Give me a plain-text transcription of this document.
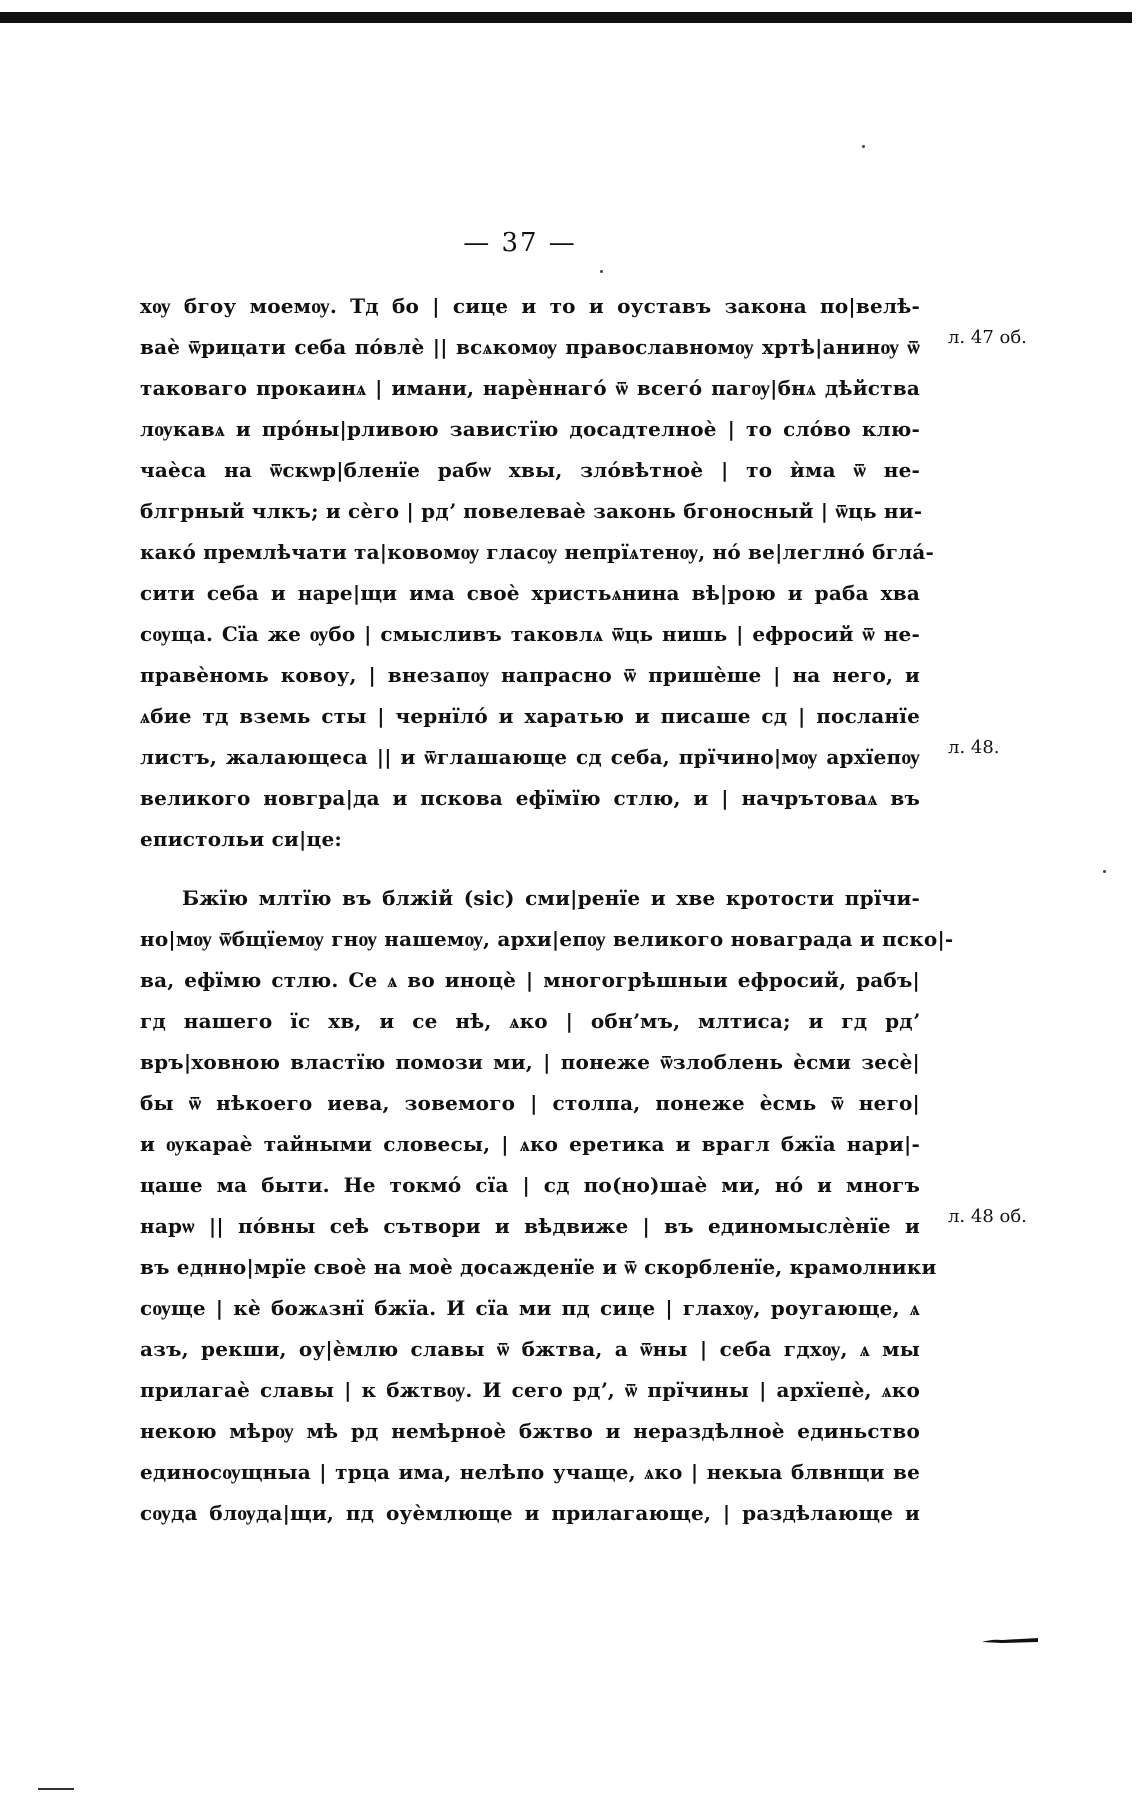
— 37 —
хѹ бгоу моемѹ. Тд бо | сице и то и оуставъ закона по|велѣ-
ваѐ ѿрицати себа пóвлѐ || всѧкомѹ православномѹ хртѣ|анинѹ ѿ
таковаго прокаинѧ | имани, нарѐннагó ѿ всегó пагѹ|бнѧ дѣйства
лѹкавѧ и прóны|рливою завистїю досадтелноѐ | то слóво клю-
чаѐса на ѿскѡр|бленїе рабѡ хвы, злóвѣтноѐ | то ѝма ѿ не-
блгрный члкъ; и сѐго | рдʼ повелеваѐ законь бгоносный | ѿць ни-
какó премлѣчати та|ковомѹ гласѹ непрїѧтенѹ, нó ве|леглнó бглá-
сити себа и наре|щи има своѐ христьѧнина вѣ|рою и раба хва
сѹща. Сїа же ѹбо | смысливъ таковлѧ ѿць нишь | ефросий ѿ не-
правѐномь ковоу, | внезапѹ напрасно ѿ пришѐше | на него, и
ѧбие тд вземь сты | чернїлó и харатью и писаше сд | посланїе
листъ, жалающеса || и ѿглашающе сд себа, прїчино|мѹ архїепѹ
великого новгра|да и пскова ефїмїю стлю, и | начрътоваѧ въ
епистольи си|це:
Бжїю млтїю въ блжій (sic) сми|ренїе и хве кротости прїчи-
но|мѹ ѿбщïемѹ гнѹ нашемѹ, архи|епѹ великого новаграда и пско|-
ва, ефїмю стлю. Се ѧ во иноцѐ | многогрѣшныи ефросий, рабъ|
гд нашего їс хв, и се нѣ, ѧко | обнʼмъ, млтиса; и гд рдʼ
връ|ховною властїю помози ми, | понеже ѿзлоблень ѐсми зесѐ|
бы ѿ нѣкоего иева, зовемого | столпа, понеже ѐсмь ѿ него|
и ѹкараѐ тайными словесы, | ѧко еретика и врагл бжїа нари|-
цаше ма быти. Не токмó сїа | сд по(но)шаѐ ми, нó и многъ
нарѡ || пóвны сеѣ сътвори и вѣдвиже | въ единомыслѐнїе и
въ еднно|мрїе своѐ на моѐ досажденїе и ѿ скорбленїе, крамолники
сѹще | кѐ божѧзнї бжїа. И сїа ми пд сице | глахѹ, роугающе, ѧ
азъ, рекши, оу|ѐмлю славы ѿ бжтва, а ѿны | себа гдхѹ, ѧ мы
прилагаѐ славы | к бжтвѹ. И сего рдʼ, ѿ прїчины | архїепѐ, ѧко
некою мѣрѹ мѣ рд немѣрноѐ бжтво и нераздѣлноѐ единьство
единосѹщныа | трца има, нелѣпо учаще, ѧко | некыа блвнщи ве
сѹда блѹда|щи, пд оуѐмлюще и прилагающе, | раздѣлающе и
л. 47 об.
л. 48.
л. 48 об.
